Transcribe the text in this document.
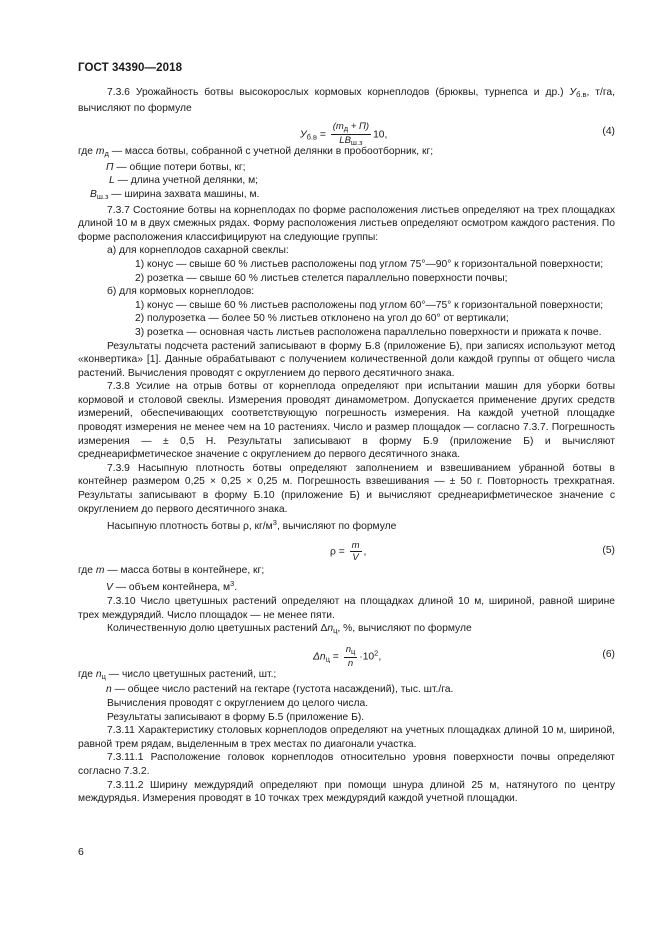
ГОСТ 34390—2018
7.3.6 Урожайность ботвы высокорослых кормовых корнеплодов (брюквы, турнепса и др.) $У_{б.в}$, т/га, вычисляют по формуле
$У_{б.в} = \frac{(m_д + П)}{LB_{ш.з}} 10$,	(4)
где $m_д$ — масса ботвы, собранной с учетной делянки в пробоотборник, кг;
П — общие потери ботвы, кг;
L — длина учетной делянки, м;
$B_{ш.з}$ — ширина захвата машины, м.
7.3.7 Состояние ботвы на корнеплодах по форме расположения листьев определяют на трех площадках длиной 10 м в двух смежных рядах. Форму расположения листьев определяют осмотром каждого растения. По форме расположения классифицируют на следующие группы:
а) для корнеплодов сахарной свеклы:
1) конус — свыше 60 % листьев расположены под углом 75°—90° к горизонтальной поверхности;
2) розетка — свыше 60 % листьев стелется параллельно поверхности почвы;
б) для кормовых корнеплодов:
1) конус — свыше 60 % листьев расположены под углом 60°—75° к горизонтальной поверхности;
2) полурозетка — более 50 % листьев отклонено на угол до 60° от вертикали;
3) розетка — основная часть листьев расположена параллельно поверхности и прижата к почве.
Результаты подсчета растений записывают в форму Б.8 (приложение Б), при записях используют метод «конвертика» [1]. Данные обрабатывают с получением количественной доли каждой группы от общего числа растений. Вычисления проводят с округлением до первого десятичного знака.
7.3.8 Усилие на отрыв ботвы от корнеплода определяют при испытании машин для уборки ботвы кормовой и столовой свеклы. Измерения проводят динамометром. Допускается применение других средств измерений, обеспечивающих соответствующую погрешность измерения. На каждой учетной площадке проводят измерения не менее чем на 10 растениях. Число и размер площадок — согласно 7.3.7. Погрешность измерения — ± 0,5 Н. Результаты записывают в форму Б.9 (приложение Б) и вычисляют среднеарифметическое значение с округлением до первого десятичного знака.
7.3.9 Насыпную плотность ботвы определяют заполнением и взвешиванием убранной ботвы в контейнер размером 0,25 × 0,25 × 0,25 м. Погрешность взвешивания — ± 50 г. Повторность трехкратная. Результаты записывают в форму Б.10 (приложение Б) и вычисляют среднеарифметическое значение с округлением до первого десятичного знака.
Насыпную плотность ботвы ρ, $кг/м^3$, вычисляют по формуле
$\rho = \frac{m}{V}$ ,	(5)
где m — масса ботвы в контейнере, кг;
V — объем контейнера, $м^3$.
7.3.10 Число цветушных растений определяют на площадках длиной 10 м, шириной, равной ширине трех междурядий. Число площадок — не менее пяти.
Количественную долю цветушных растений $\Delta n_ц$, %, вычисляют по формуле
$\Delta n_ц = \frac{n_ц}{n} \cdot 10^2$,	(6)
где $n_ц$ — число цветушных растений, шт.;
n — общее число растений на гектаре (густота насаждений), тыс. шт./га.
Вычисления проводят с округлением до целого числа.
Результаты записывают в форму Б.5 (приложение Б).
7.3.11 Характеристику столовых корнеплодов определяют на учетных площадках длиной 10 м, шириной, равной трем рядам, выделенным в трех местах по диагонали участка.
7.3.11.1 Расположение головок корнеплодов относительно уровня поверхности почвы определяют согласно 7.3.2.
7.3.11.2 Ширину междурядий определяют при помощи шнура длиной 25 м, натянутого по центру междурядья. Измерения проводят в 10 точках трех междурядий каждой учетной площадки.
6
